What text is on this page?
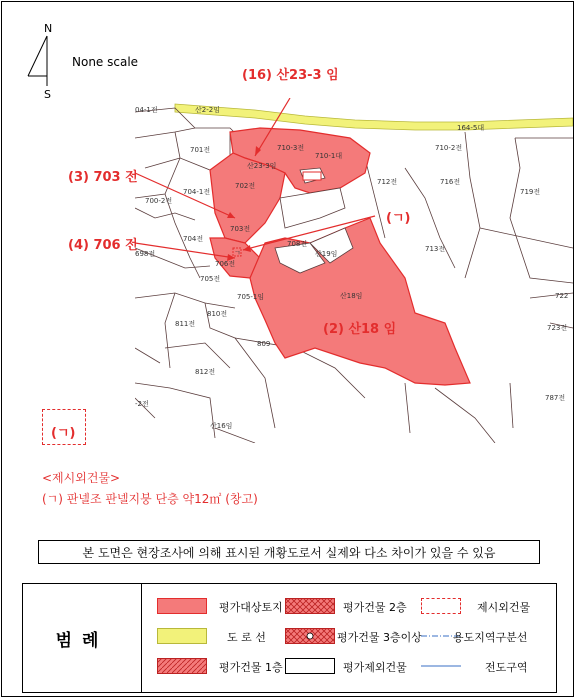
N
S
None scale
04-1전
701전
산2-2임
710-3전
710-1대
164-5대
710-2전
704-1전
700-2전
702전	712전	716전
719전
703전
704전
708전
산19임
713전
698전
706전
705전
705-1임	722
810전
811전
산18임
723전
809
812전
-2전
787전
산16임
산23-3임
ㄱ
(16) 산23-3 임
(3) 703 전
(4) 706 전
(ㄱ)
(2) 산18 임
(ㄱ)
<제시외건물>
(ㄱ) 판넬조 판넬지붕 단층 약12㎡ (창고)
본 도면은 현장조사에 의해 표시된 개황도로서 실제와 다소 차이가 있을 수 있음
범례
평가대상토지	평가건물 2층	제시외건물
도 로 선	평가건물 3층이상	용도지역구분선
평가건물 1층	평가제외건물	전도구역
